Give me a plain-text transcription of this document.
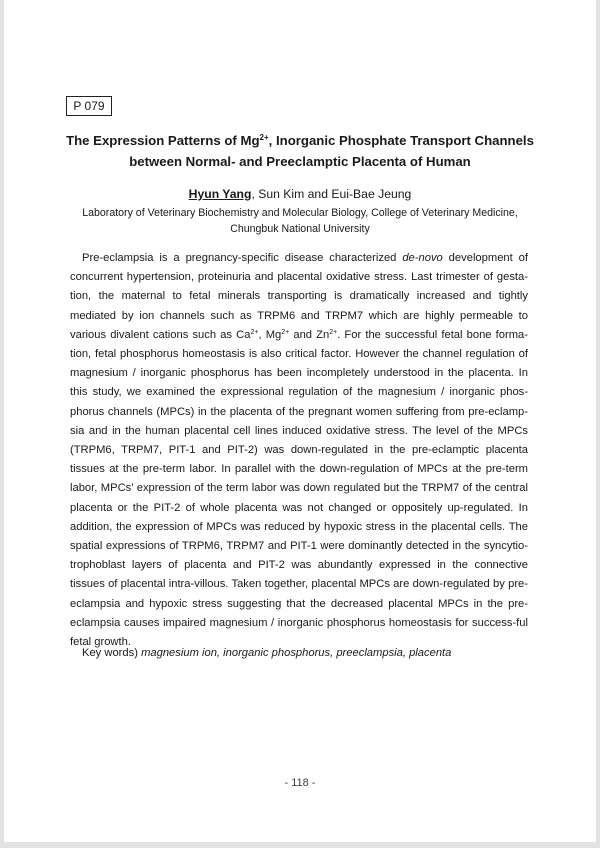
P 079
The Expression Patterns of $Mg^{2+}$, Inorganic Phosphate Transport Channels between Normal- and Preeclamptic Placenta of Human
Hyun Yang, Sun Kim and Eui-Bae Jeung
Laboratory of Veterinary Biochemistry and Molecular Biology, College of Veterinary Medicine, Chungbuk National University

Pre-eclampsia is a pregnancy-specific disease characterized de-novo development of concurrent hypertension, proteinuria and placental oxidative stress. Last trimester of gesta-tion, the maternal to fetal minerals transporting is dramatically increased and tightly mediated by ion channels such as TRPM6 and TRPM7 which are highly permeable to various divalent cations such as $Ca^{2+}$, $Mg^{2+}$ and $Zn^{2+}$. For the successful fetal bone forma-tion, fetal phosphorus homeostasis is also critical factor. However the channel regulation of magnesium / inorganic phosphorus has been incompletely understood in the placenta. In this study, we examined the expressional regulation of the magnesium / inorganic phos-phorus channels (MPCs) in the placenta of the pregnant women suffering from pre-eclamp-sia and in the human placental cell lines induced oxidative stress. The level of the MPCs (TRPM6, TRPM7, PIT-1 and PIT-2) was down-regulated in the pre-eclamptic placenta tissues at the pre-term labor. In parallel with the down-regulation of MPCs at the pre-term labor, MPCs’ expression of the term labor was down regulated but the TRPM7 of the central placenta or the PIT-2 of whole placenta was not changed or oppositely up-regulated. In addition, the expression of MPCs was reduced by hypoxic stress in the placental cells. The spatial expressions of TRPM6, TRPM7 and PIT-1 were dominantly detected in the syncytio-trophoblast layers of placenta and PIT-2 was abundantly expressed in the connective tissues of placental intra-villous. Taken together, placental MPCs are down-regulated by pre-eclampsia and hypoxic stress suggesting that the decreased placental MPCs in the pre-eclampsia causes impaired magnesium / inorganic phosphorus homeostasis for success-ful fetal growth.

Key words) magnesium ion, inorganic phosphorus, preeclampsia, placenta
- 118 -
